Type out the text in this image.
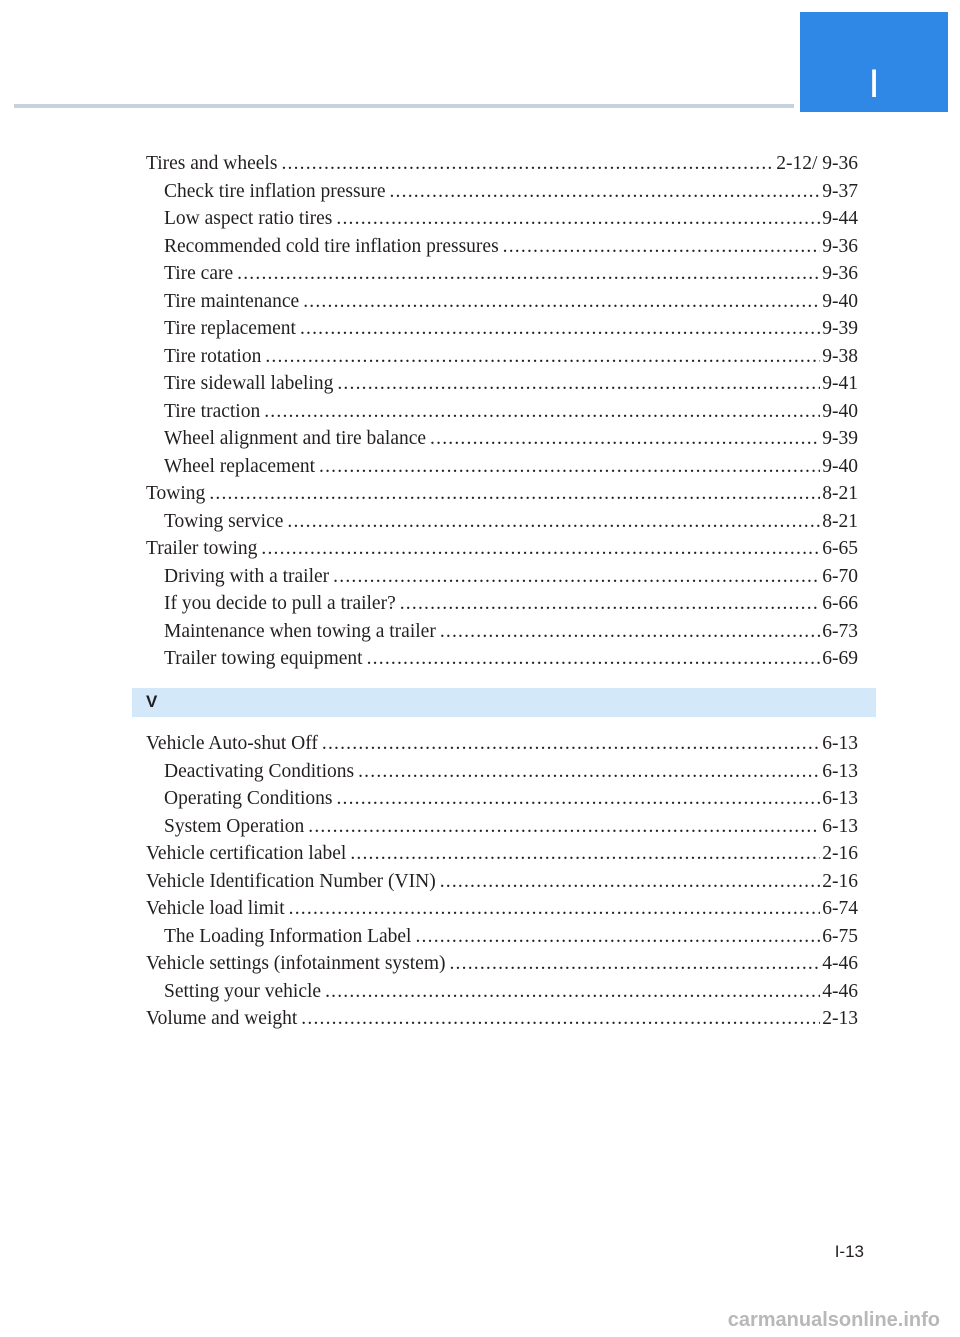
I
Tires and wheels .....	2-12/ 9-36
Check tire inflation pressure .....	9-37
Low aspect ratio tires .....	9-44
Recommended cold tire inflation pressures .....	9-36
Tire care .....	9-36
Tire maintenance .....	9-40
Tire replacement .....	9-39
Tire rotation .....	9-38
Tire sidewall labeling .....	9-41
Tire traction .....	9-40
Wheel alignment and tire balance .....	9-39
Wheel replacement .....	9-40
Towing .....	8-21
Towing service .....	8-21
Trailer towing .....	6-65
Driving with a trailer .....	6-70
If you decide to pull a trailer? .....	6-66
Maintenance when towing a trailer .....	6-73
Trailer towing equipment .....	6-69
V
Vehicle Auto-shut Off .....	6-13
Deactivating Conditions .....	6-13
Operating Conditions .....	6-13
System Operation .....	6-13
Vehicle certification label .....	2-16
Vehicle Identification Number (VIN) .....	2-16
Vehicle load limit .....	6-74
The Loading Information Label .....	6-75
Vehicle settings (infotainment system) .....	4-46
Setting your vehicle .....	4-46
Volume and weight .....	2-13
I-13
carmanualsonline.info
